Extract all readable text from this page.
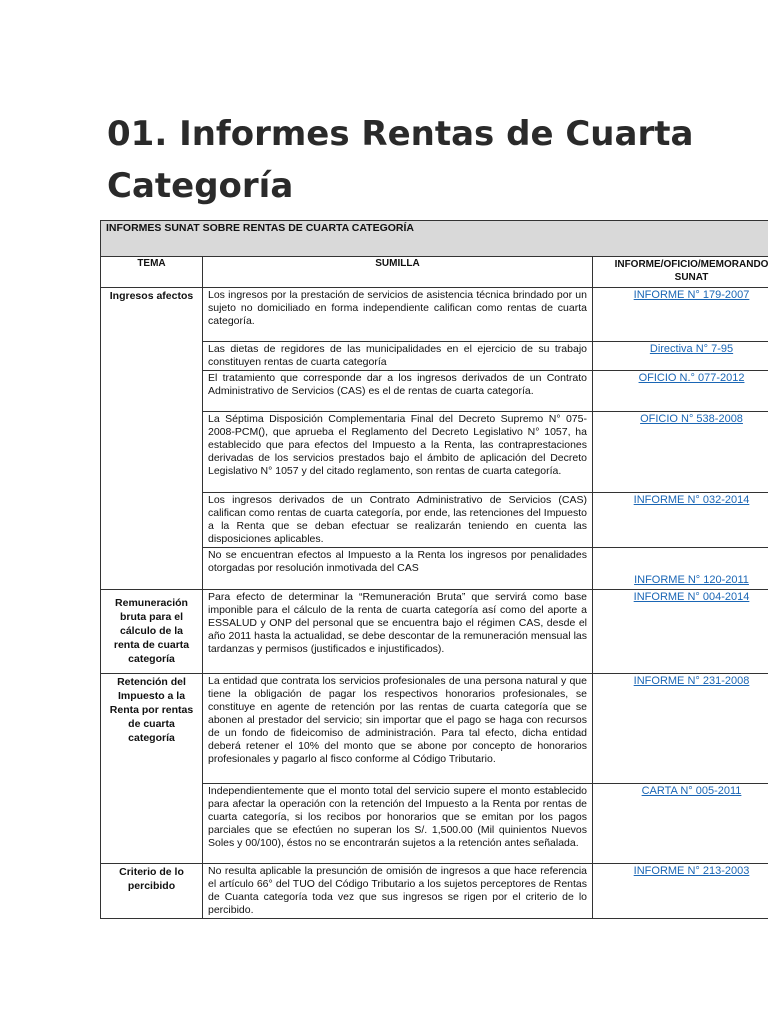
01. Informes Rentas de Cuarta Categoría
INFORMES SUNAT SOBRE RENTAS DE CUARTA CATEGORÍA		
TEMA	SUMILLA	INFORME/OFICIO/MEMORANDO SUNAT
Ingresos afectos	Los ingresos por la prestación de servicios de asistencia técnica brindado por un sujeto no domiciliado en forma independiente califican como rentas de cuarta categoría.	INFORME N° 179-2007
	Las dietas de regidores de las municipalidades en el ejercicio de su trabajo constituyen rentas de cuarta categoría	Directiva N° 7-95
	El tratamiento que corresponde dar a los ingresos derivados de un Contrato Administrativo de Servicios (CAS) es el de rentas de cuarta categoría.	OFICIO N.° 077-2012
	La Séptima Disposición Complementaria Final del Decreto Supremo N° 075-2008-PCM(), que aprueba el Reglamento del Decreto Legislativo N° 1057, ha establecido que para efectos del Impuesto a la Renta, las contraprestaciones derivadas de los servicios prestados bajo el ámbito de aplicación del Decreto Legislativo N° 1057 y del citado reglamento, son rentas de cuarta categoría.	OFICIO N° 538-2008
	Los ingresos derivados de un Contrato Administrativo de Servicios (CAS) califican como rentas de cuarta categoría, por ende, las retenciones del Impuesto a la Renta que se deban efectuar se realizarán teniendo en cuenta las disposiciones aplicables.	INFORME N° 032-2014
	No se encuentran efectos al Impuesto a la Renta los ingresos por penalidades otorgadas por resolución inmotivada del CAS	INFORME N° 120-2011
Remuneración bruta para el cálculo de la renta de cuarta categoría	Para efecto de determinar la “Remuneración Bruta” que servirá como base imponible para el cálculo de la renta de cuarta categoría así como del aporte a ESSALUD y ONP del personal que se encuentra bajo el régimen CAS, desde el año 2011 hasta la actualidad, se debe descontar de la remuneración mensual las tardanzas y permisos (justificados e injustificados).	INFORME N° 004-2014
Retención del Impuesto a la Renta por rentas de cuarta categoría	La entidad que contrata los servicios profesionales de una persona natural y que tiene la obligación de pagar los respectivos honorarios profesionales, se constituye en agente de retención por las rentas de cuarta categoría que se abonen al prestador del servicio; sin importar que el pago se haga con recursos de un fondo de fideicomiso de administración. Para tal efecto, dicha entidad deberá retener el 10% del monto que se abone por concepto de honorarios profesionales y pagarlo al fisco conforme al Código Tributario.	INFORME N° 231-2008
	Independientemente que el monto total del servicio supere el monto establecido para afectar la operación con la retención del Impuesto a la Renta por rentas de cuarta categoría, si los recibos por honorarios que se emitan por los pagos parciales que se efectúen no superan los S/. 1,500.00 (Mil quinientos Nuevos Soles y 00/100), éstos no se encontrarán sujetos a la retención antes señalada.	CARTA N° 005-2011
Criterio de lo percibido	No resulta aplicable la presunción de omisión de ingresos a que hace referencia el artículo 66° del TUO del Código Tributario a los sujetos perceptores de Rentas de Cuanta categoría toda vez que sus ingresos se rigen por el criterio de lo percibido.	INFORME N° 213-2003
